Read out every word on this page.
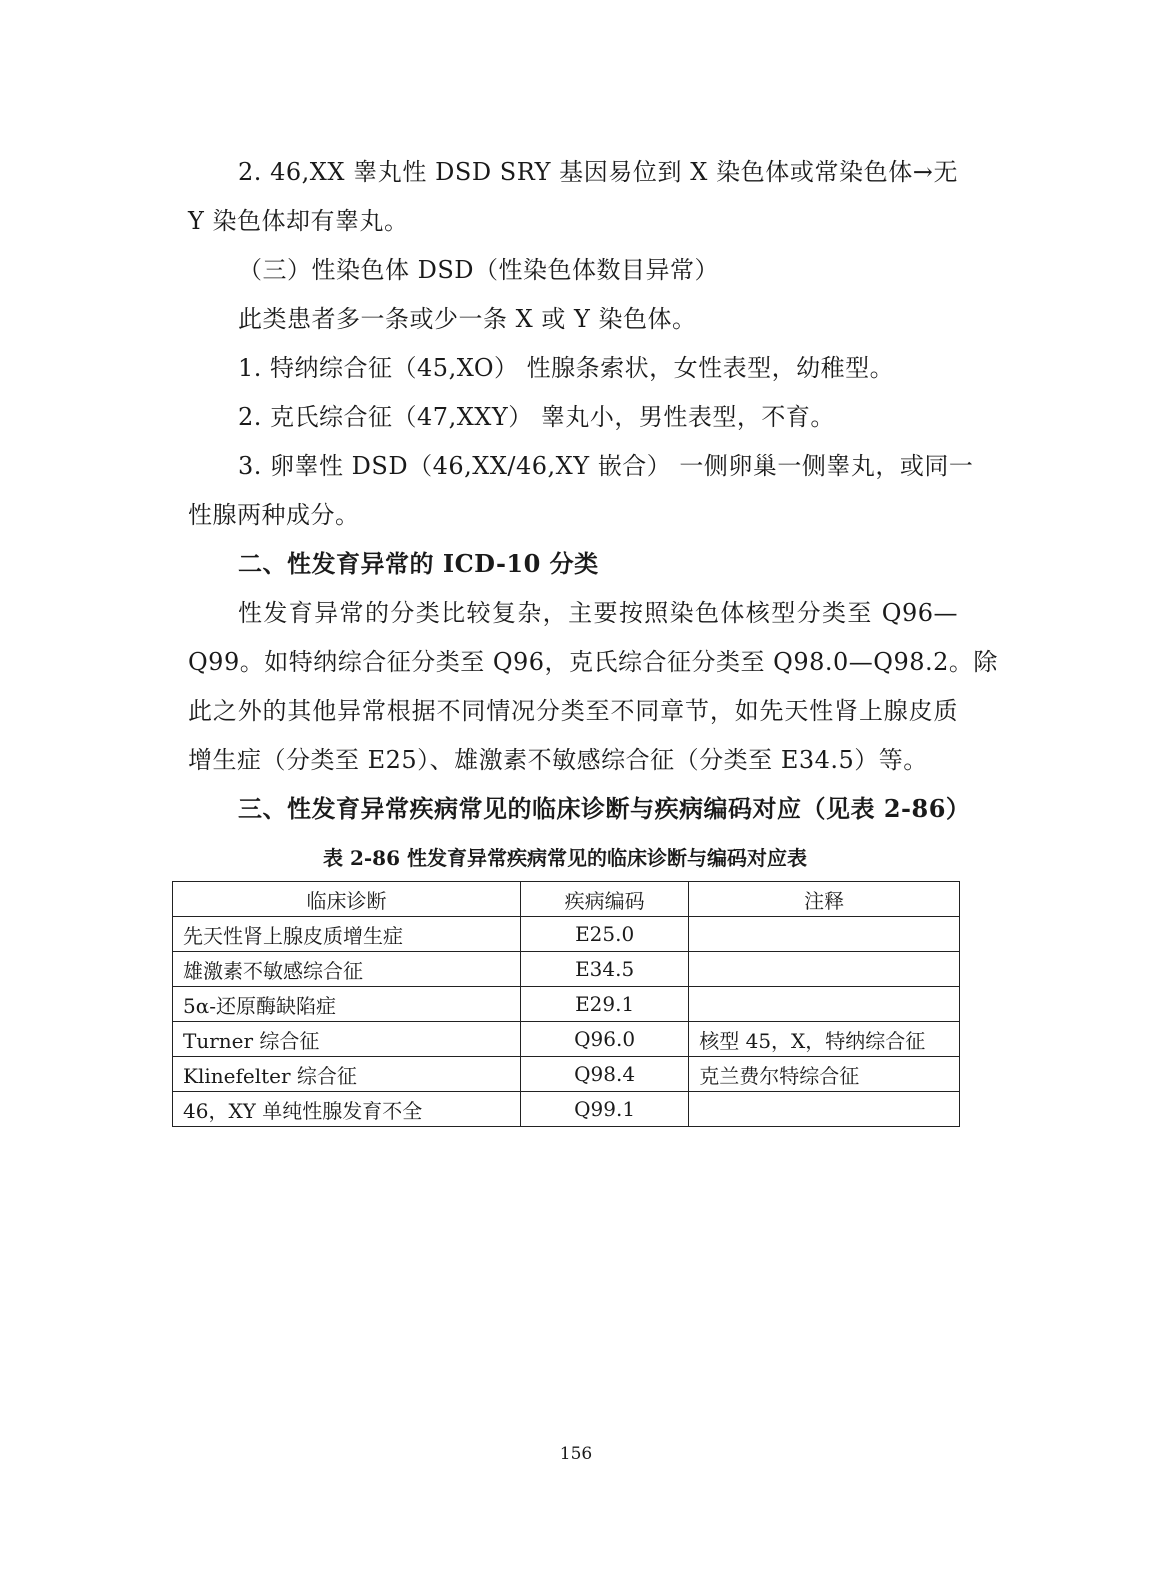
2. 46,XX 睾丸性 DSD SRY 基因易位到 X 染色体或常染色体→无
Y 染色体却有睾丸。
（三）性染色体 DSD（性染色体数目异常）
此类患者多一条或少一条 X 或 Y 染色体。
1. 特纳综合征（45,XO） 性腺条索状，女性表型，幼稚型。
2. 克氏综合征（47,XXY） 睾丸小，男性表型，不育。
3. 卵睾性 DSD（46,XX/46,XY 嵌合） 一侧卵巢一侧睾丸，或同一
性腺两种成分。
二、性发育异常的 ICD-10 分类
性发育异常的分类比较复杂，主要按照染色体核型分类至 Q96—
Q99。如特纳综合征分类至 Q96，克氏综合征分类至 Q98.0—Q98.2。除
此之外的其他异常根据不同情况分类至不同章节，如先天性肾上腺皮质
增生症（分类至 E25）、雄激素不敏感综合征（分类至 E34.5）等。
三、性发育异常疾病常见的临床诊断与疾病编码对应（见表 2-86）
表 2-86 性发育异常疾病常见的临床诊断与编码对应表
临床诊断	疾病编码	注释
先天性肾上腺皮质增生症	E25.0	
雄激素不敏感综合征	E34.5	
5α-还原酶缺陷症	E29.1	
Turner 综合征	Q96.0	核型 45，X，特纳综合征
Klinefelter 综合征	Q98.4	克兰费尔特综合征
46，XY 单纯性腺发育不全	Q99.1	
156
